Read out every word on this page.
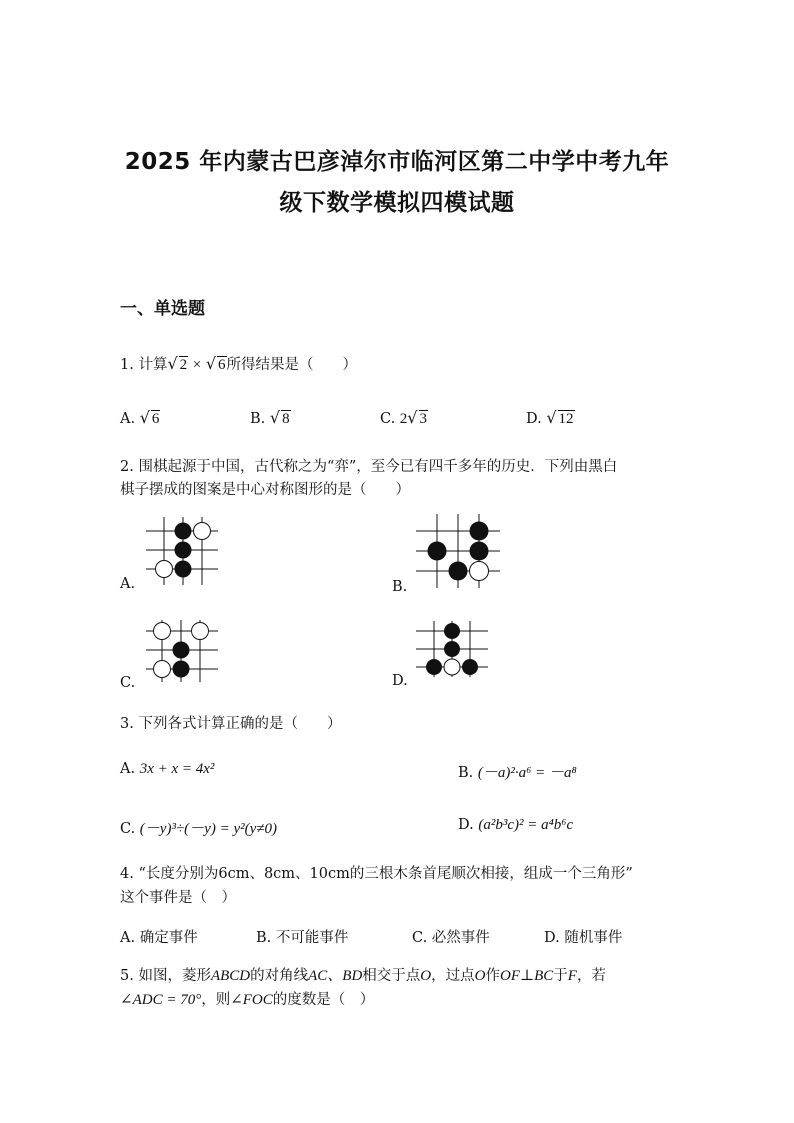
2025 年内蒙古巴彦淖尔市临河区第二中学中考九年
级下数学模拟四模试题
一、单选题
1. 计算√ 2 × √ 6所得结果是（　　）
A. √ 6	B. √ 8	C. 2√ 3	D. √ 12
2. 围棋起源于中国，古代称之为“弈”，至今已有四千多年的历史．下列由黑白
棋子摆成的图案是中心对称图形的是（　　）
A.	B.
C.	D.
3. 下列各式计算正确的是（　　）
A. 3x + x = 4x²	B. (－a)²·a⁶ = －a⁸
C. (－y)³÷(－y) = y²(y≠0)	D. (a²b³c)² = a⁴b⁶c
4. “长度分别为6cm、8cm、10cm的三根木条首尾顺次相接，组成一个三角形”
这个事件是（　）
A. 确定事件	B. 不可能事件	C. 必然事件	D. 随机事件
5. 如图，菱形ABCD的对角线AC、BD相交于点O，过点O作OF⊥BC于F，若
∠ADC = 70°，则∠FOC的度数是（　）
